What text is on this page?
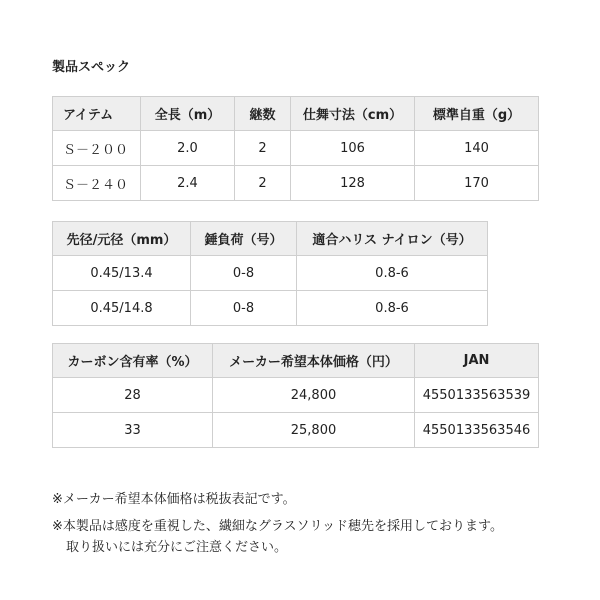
製品スペック
アイテム	全長（m）	継数	仕舞寸法（cm）	標準自重（g）
Ｓ－２００	2.0	2	106	140
Ｓ－２４０	2.4	2	128	170
先径/元径（mm）	錘負荷（号）	適合ハリス ナイロン（号）
0.45/13.4	0-8	0.8-6
0.45/14.8	0-8	0.8-6
カーボン含有率（%）	メーカー希望本体価格（円）	JAN
28	24,800	4550133563539
33	25,800	4550133563546
※メーカー希望本体価格は税抜表記です。
※本製品は感度を重視した、繊細なグラスソリッド穂先を採用しております。
取り扱いには充分にご注意ください。
